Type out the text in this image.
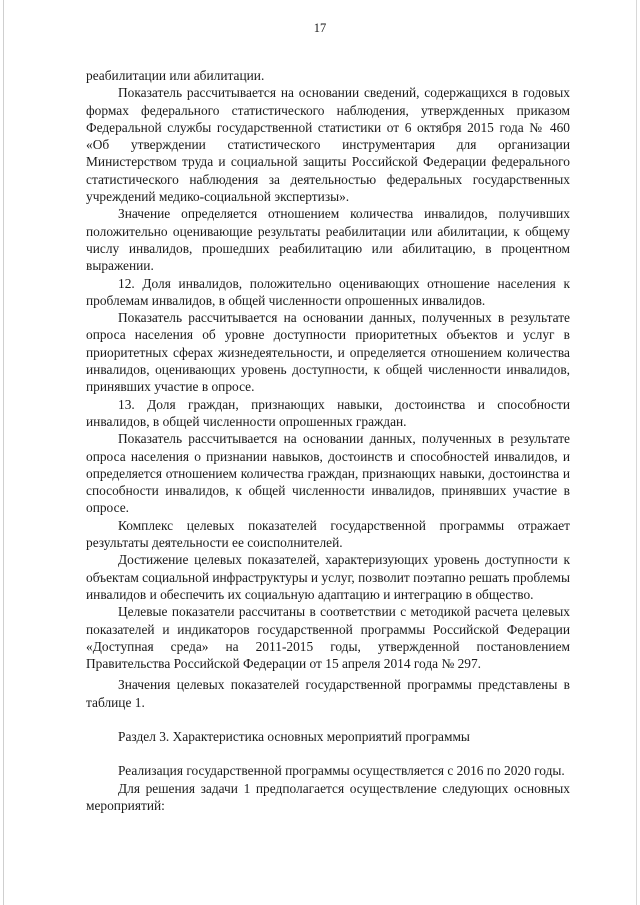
17

реабилитации или абилитации.

Показатель рассчитывается на основании сведений, содержащихся в годовых формах федерального статистического наблюдения, утвержденных приказом Федеральной службы государственной статистики от 6 октября 2015 года № 460 «Об утверждении статистического инструментария для организации Министерством труда и социальной защиты Российской Федерации федерального статистического наблюдения за деятельностью федеральных государственных учреждений медико-социальной экспертизы».

Значение определяется отношением количества инвалидов, получивших положительно оценивающие результаты реабилитации или абилитации, к общему числу инвалидов, прошедших реабилитацию или абилитацию, в процентном выражении.

12. Доля инвалидов, положительно оценивающих отношение населения к проблемам инвалидов, в общей численности опрошенных инвалидов.

Показатель рассчитывается на основании данных, полученных в результате опроса населения об уровне доступности приоритетных объектов и услуг в приоритетных сферах жизнедеятельности, и определяется отношением количества инвалидов, оценивающих уровень доступности, к общей численности инвалидов, принявших участие в опросе.

13. Доля граждан, признающих навыки, достоинства и способности инвалидов, в общей численности опрошенных граждан.

Показатель рассчитывается на основании данных, полученных в результате опроса населения о признании навыков, достоинств и способностей инвалидов, и определяется отношением количества граждан, признающих навыки, достоинства и способности инвалидов, к общей численности инвалидов, принявших участие в опросе.

Комплекс целевых показателей государственной программы отражает результаты деятельности ее соисполнителей.

Достижение целевых показателей, характеризующих уровень доступности к объектам социальной инфраструктуры и услуг, позволит поэтапно решать проблемы инвалидов и обеспечить их социальную адаптацию и интеграцию в общество.

Целевые показатели рассчитаны в соответствии с методикой расчета целевых показателей и индикаторов государственной программы Российской Федерации «Доступная среда» на 2011-2015 годы, утвержденной постановлением Правительства Российской Федерации от 15 апреля 2014 года № 297.

Значения целевых показателей государственной программы представлены в таблице 1.

Раздел 3. Характеристика основных мероприятий программы

Реализация государственной программы осуществляется с 2016 по 2020 годы.

Для решения задачи 1 предполагается осуществление следующих основных мероприятий:
